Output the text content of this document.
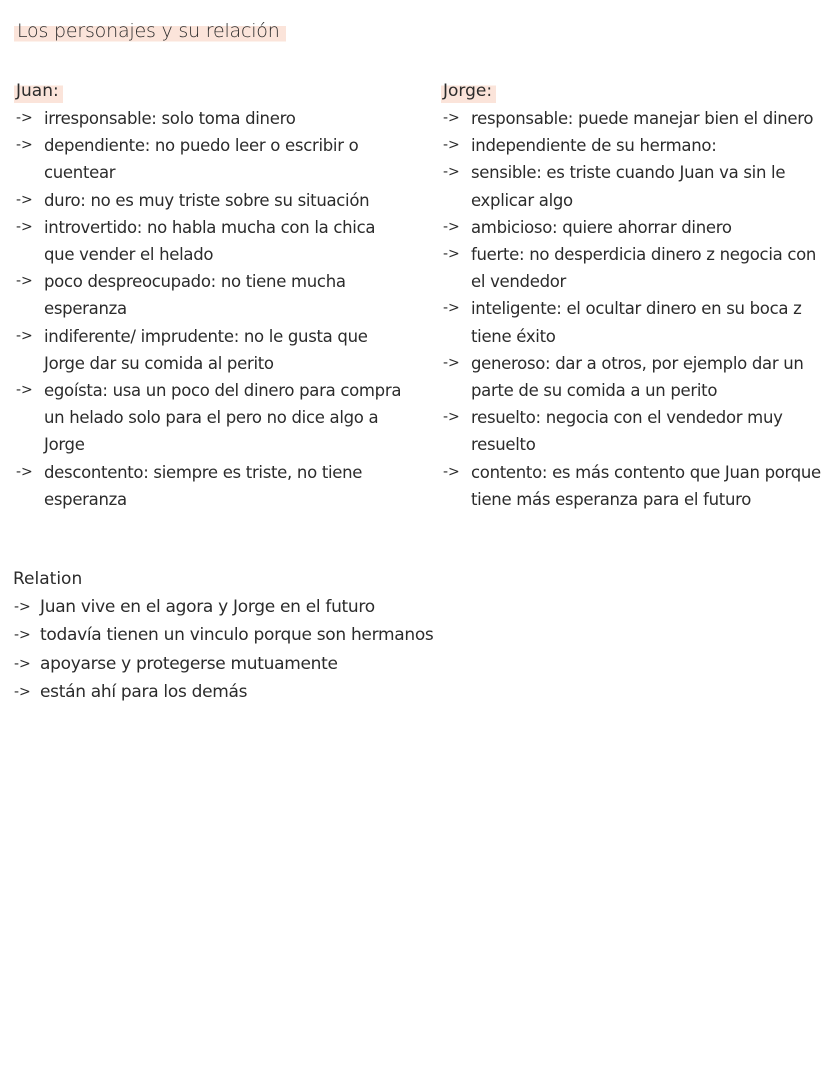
Los personajes y su relación
Juan:
-> irresponsable: solo toma dinero
-> dependiente: no puedo leer o escribir o cuentear
-> duro: no es muy triste sobre su situación
-> introvertido: no habla mucha con la chica que vender el helado
-> poco despreocupado: no tiene mucha esperanza
-> indiferente/ imprudente: no le gusta que Jorge dar su comida al perito
-> egoísta: usa un poco del dinero para compra un helado solo para el pero no dice algo a Jorge
-> descontento: siempre es triste, no tiene esperanza
Jorge:
-> responsable: puede manejar bien el dinero
-> independiente de su hermano:
-> sensible: es triste cuando Juan va sin le explicar algo
-> ambicioso: quiere ahorrar dinero
-> fuerte: no desperdicia dinero z negocia con el vendedor
-> inteligente: el ocultar dinero en su boca z tiene éxito
-> generoso: dar a otros, por ejemplo dar un parte de su comida a un perito
-> resuelto: negocia con el vendedor muy resuelto
-> contento: es más contento que Juan porque tiene más esperanza para el futuro
Relation
-> Juan vive en el agora y Jorge en el futuro
-> todavía tienen un vinculo porque son hermanos
-> apoyarse y protegerse mutuamente
-> están ahí para los demás
